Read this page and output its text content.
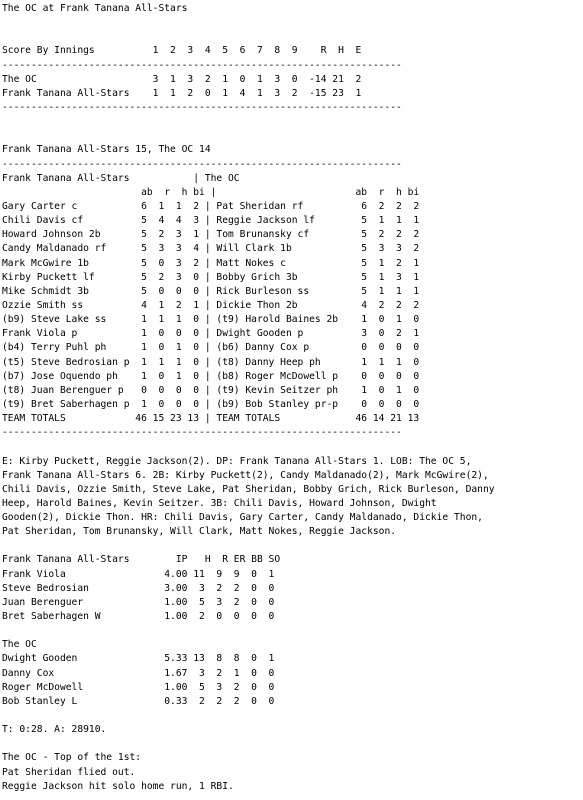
The OC at Frank Tanana All-Stars
Score By Innings          1  2  3  4  5  6  7  8  9    R  H  E
---------------------------------------------------------------------
The OC                    3  1  3  2  1  0  1  3  0  -14 21  2
Frank Tanana All-Stars    1  1  2  0  1  4  1  3  2  -15 23  1
---------------------------------------------------------------------
Frank Tanana All-Stars 15, The OC 14
---------------------------------------------------------------------
Frank Tanana All-Stars           | The OC
ab  r  h bi |                        ab  r  h bi
Gary Carter c           6  1  1  2 | Pat Sheridan rf          6  2  2  2
Chili Davis cf          5  4  4  3 | Reggie Jackson lf        5  1  1  1
Howard Johnson 2b       5  2  3  1 | Tom Brunansky cf         5  2  2  2
Candy Maldanado rf      5  3  3  4 | Will Clark 1b            5  3  3  2
Mark McGwire 1b         5  0  3  2 | Matt Nokes c             5  1  2  1
Kirby Puckett lf        5  2  3  0 | Bobby Grich 3b           5  1  3  1
Mike Schmidt 3b         5  0  0  0 | Rick Burleson ss         5  1  1  1
Ozzie Smith ss          4  1  2  1 | Dickie Thon 2b           4  2  2  2
(b9) Steve Lake ss      1  1  1  0 | (t9) Harold Baines 2b    1  0  1  0
Frank Viola p           1  0  0  0 | Dwight Gooden p          3  0  2  1
(b4) Terry Puhl ph      1  0  1  0 | (b6) Danny Cox p         0  0  0  0
(t5) Steve Bedrosian p  1  1  1  0 | (t8) Danny Heep ph       1  1  1  0
(b7) Jose Oquendo ph    1  0  1  0 | (b8) Roger McDowell p    0  0  0  0
(t8) Juan Berenguer p   0  0  0  0 | (t9) Kevin Seitzer ph    1  0  1  0
(t9) Bret Saberhagen p  1  0  0  0 | (b9) Bob Stanley pr-p    0  0  0  0
TEAM TOTALS            46 15 23 13 | TEAM TOTALS             46 14 21 13
---------------------------------------------------------------------
E: Kirby Puckett, Reggie Jackson(2). DP: Frank Tanana All-Stars 1. LOB: The OC 5,
Frank Tanana All-Stars 6. 2B: Kirby Puckett(2), Candy Maldanado(2), Mark McGwire(2),
Chili Davis, Ozzie Smith, Steve Lake, Pat Sheridan, Bobby Grich, Rick Burleson, Danny
Heep, Harold Baines, Kevin Seitzer. 3B: Chili Davis, Howard Johnson, Dwight
Gooden(2), Dickie Thon. HR: Chili Davis, Gary Carter, Candy Maldanado, Dickie Thon,
Pat Sheridan, Tom Brunansky, Will Clark, Matt Nokes, Reggie Jackson.
Frank Tanana All-Stars        IP   H  R ER BB SO
Frank Viola                 4.00 11  9  9  0  1
Steve Bedrosian             3.00  3  2  2  0  0
Juan Berenguer              1.00  5  3  2  0  0
Bret Saberhagen W           1.00  2  0  0  0  0
The OC
Dwight Gooden               5.33 13  8  8  0  1
Danny Cox                   1.67  3  2  1  0  0
Roger McDowell              1.00  5  3  2  0  0
Bob Stanley L               0.33  2  2  2  0  0
T: 0:28. A: 28910.
The OC - Top of the 1st:
Pat Sheridan flied out.
Reggie Jackson hit solo home run, 1 RBI.
